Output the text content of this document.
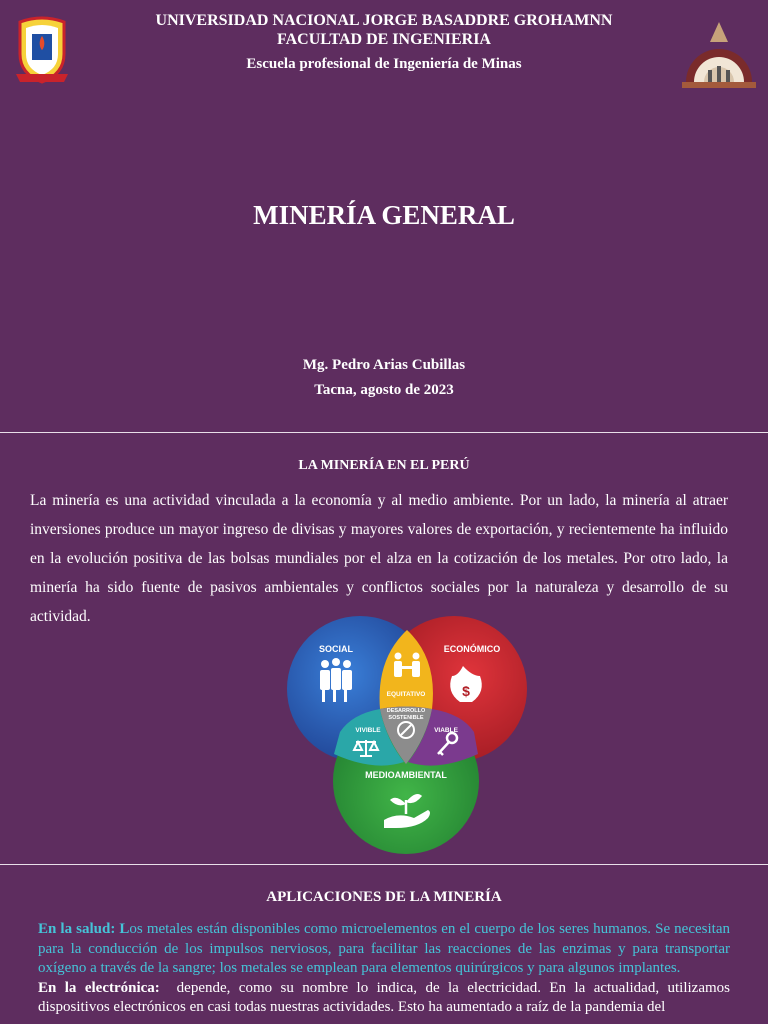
UNIVERSIDAD NACIONAL JORGE BASADDRE GROHAMNN
FACULTAD DE INGENIERIA
Escuela profesional de Ingeniería de Minas
MINERÍA GENERAL
Mg. Pedro Arias Cubillas
Tacna, agosto de 2023
LA MINERÍA EN EL PERÚ
La minería es una actividad vinculada a la economía y al medio ambiente. Por un lado, la minería al atraer inversiones produce un mayor ingreso de divisas y mayores valores de exportación, y recientemente ha influido en la evolución positiva de las bolsas mundiales por el alza en la cotización de los metales. Por otro lado, la minería ha sido fuente de pasivos ambientales y conflictos sociales por la naturaleza y desarrollo de su actividad.
$
SOCIAL	ECONÓMICO
MEDIOAMBIENTAL
EQUITATIVO
VIVIBLE	VIABLE
DESARROLLO
SOSTENIBLE
APLICACIONES DE LA MINERÍA

En la salud: Los metales están disponibles como microelementos en el cuerpo de los seres humanos. Se necesitan para la conducción de los impulsos nerviosos, para facilitar las reacciones de las enzimas y para transportar oxígeno a través de la sangre; los metales se emplean para elementos quirúrgicos y para algunos implantes.

En la electrónica: depende, como su nombre lo indica, de la electricidad. En la actualidad, utilizamos dispositivos electrónicos en casi todas nuestras actividades. Esto ha aumentado a raíz de la pandemia del
